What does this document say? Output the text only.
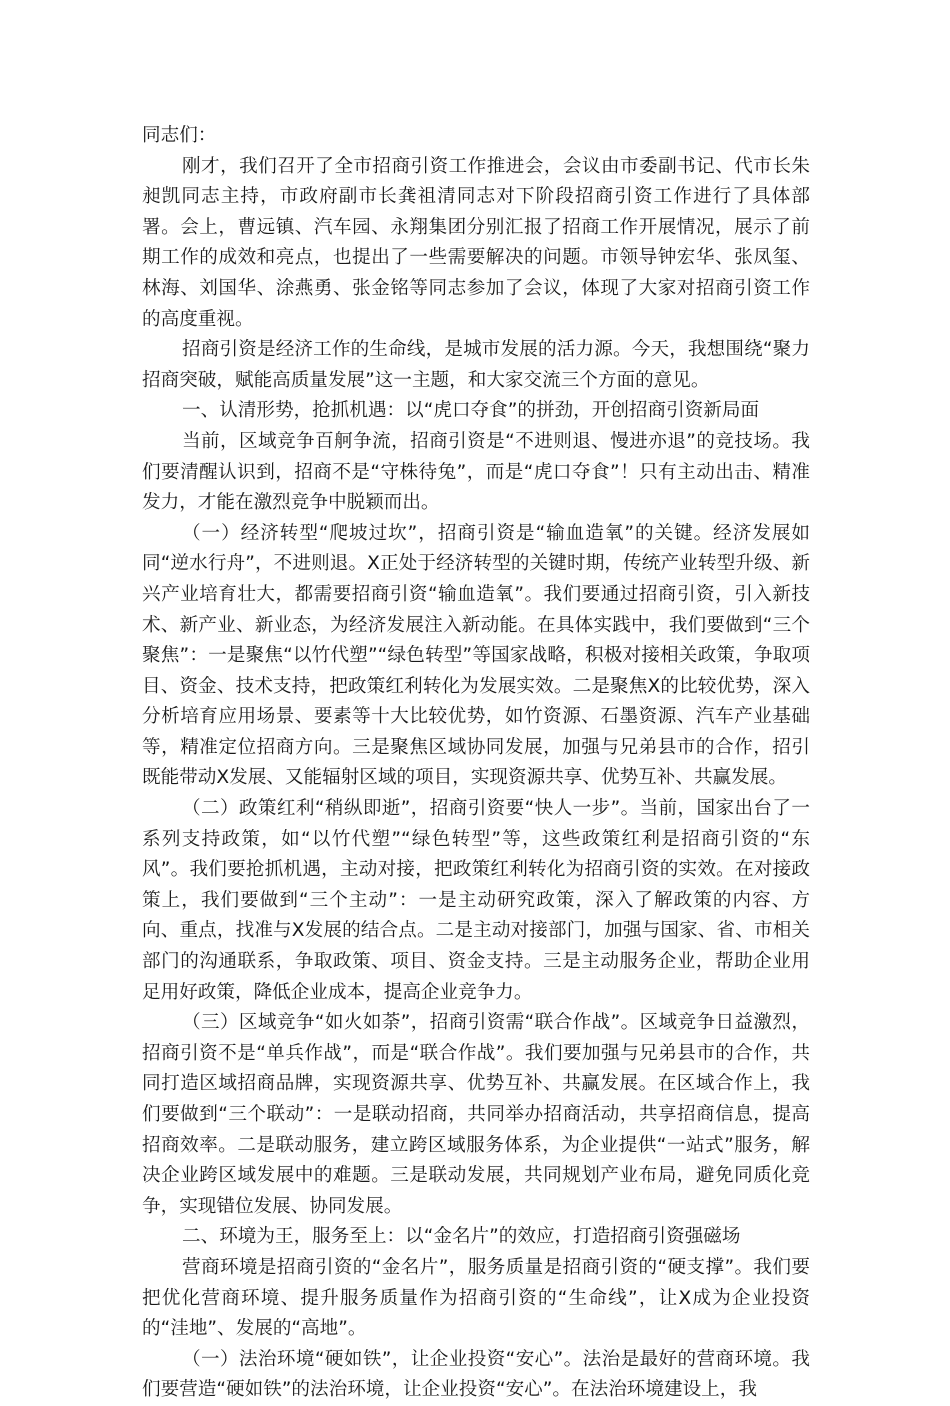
同志们：

刚才，我们召开了全市招商引资工作推进会，会议由市委副书记、代市长朱昶凯同志主持，市政府副市长龚祖清同志对下阶段招商引资工作进行了具体部署。会上，曹远镇、汽车园、永翔集团分别汇报了招商工作开展情况，展示了前期工作的成效和亮点，也提出了一些需要解决的问题。市领导钟宏华、张凤玺、林海、刘国华、涂燕勇、张金铭等同志参加了会议，体现了大家对招商引资工作的高度重视。

招商引资是经济工作的生命线，是城市发展的活力源。今天，我想围绕“聚力招商突破，赋能高质量发展”这一主题，和大家交流三个方面的意见。

一、认清形势，抢抓机遇：以“虎口夺食”的拼劲，开创招商引资新局面

当前，区域竞争百舸争流，招商引资是“不进则退、慢进亦退”的竞技场。我们要清醒认识到，招商不是“守株待兔”，而是“虎口夺食”！只有主动出击、精准发力，才能在激烈竞争中脱颖而出。

（一）经济转型“爬坡过坎”，招商引资是“输血造氧”的关键。经济发展如同“逆水行舟”，不进则退。X正处于经济转型的关键时期，传统产业转型升级、新兴产业培育壮大，都需要招商引资“输血造氧”。我们要通过招商引资，引入新技术、新产业、新业态，为经济发展注入新动能。在具体实践中，我们要做到“三个聚焦”：一是聚焦“以竹代塑”“绿色转型”等国家战略，积极对接相关政策，争取项目、资金、技术支持，把政策红利转化为发展实效。二是聚焦X的比较优势，深入分析培育应用场景、要素等十大比较优势，如竹资源、石墨资源、汽车产业基础等，精准定位招商方向。三是聚焦区域协同发展，加强与兄弟县市的合作，招引既能带动X发展、又能辐射区域的项目，实现资源共享、优势互补、共赢发展。

（二）政策红利“稍纵即逝”，招商引资要“快人一步”。当前，国家出台了一系列支持政策，如“以竹代塑”“绿色转型”等，这些政策红利是招商引资的“东风”。我们要抢抓机遇，主动对接，把政策红利转化为招商引资的实效。在对接政策上，我们要做到“三个主动”：一是主动研究政策，深入了解政策的内容、方向、重点，找准与X发展的结合点。二是主动对接部门，加强与国家、省、市相关部门的沟通联系，争取政策、项目、资金支持。三是主动服务企业，帮助企业用足用好政策，降低企业成本，提高企业竞争力。

（三）区域竞争“如火如荼”，招商引资需“联合作战”。区域竞争日益激烈，招商引资不是“单兵作战”，而是“联合作战”。我们要加强与兄弟县市的合作，共同打造区域招商品牌，实现资源共享、优势互补、共赢发展。在区域合作上，我们要做到“三个联动”：一是联动招商，共同举办招商活动，共享招商信息，提高招商效率。二是联动服务，建立跨区域服务体系，为企业提供“一站式”服务，解决企业跨区域发展中的难题。三是联动发展，共同规划产业布局，避免同质化竞争，实现错位发展、协同发展。

二、环境为王，服务至上：以“金名片”的效应，打造招商引资强磁场

营商环境是招商引资的“金名片”，服务质量是招商引资的“硬支撑”。我们要把优化营商环境、提升服务质量作为招商引资的“生命线”，让X成为企业投资的“洼地”、发展的“高地”。

（一）法治环境“硬如铁”，让企业投资“安心”。法治是最好的营商环境。我们要营造“硬如铁”的法治环境，让企业投资“安心”。在法治环境建设上，我
